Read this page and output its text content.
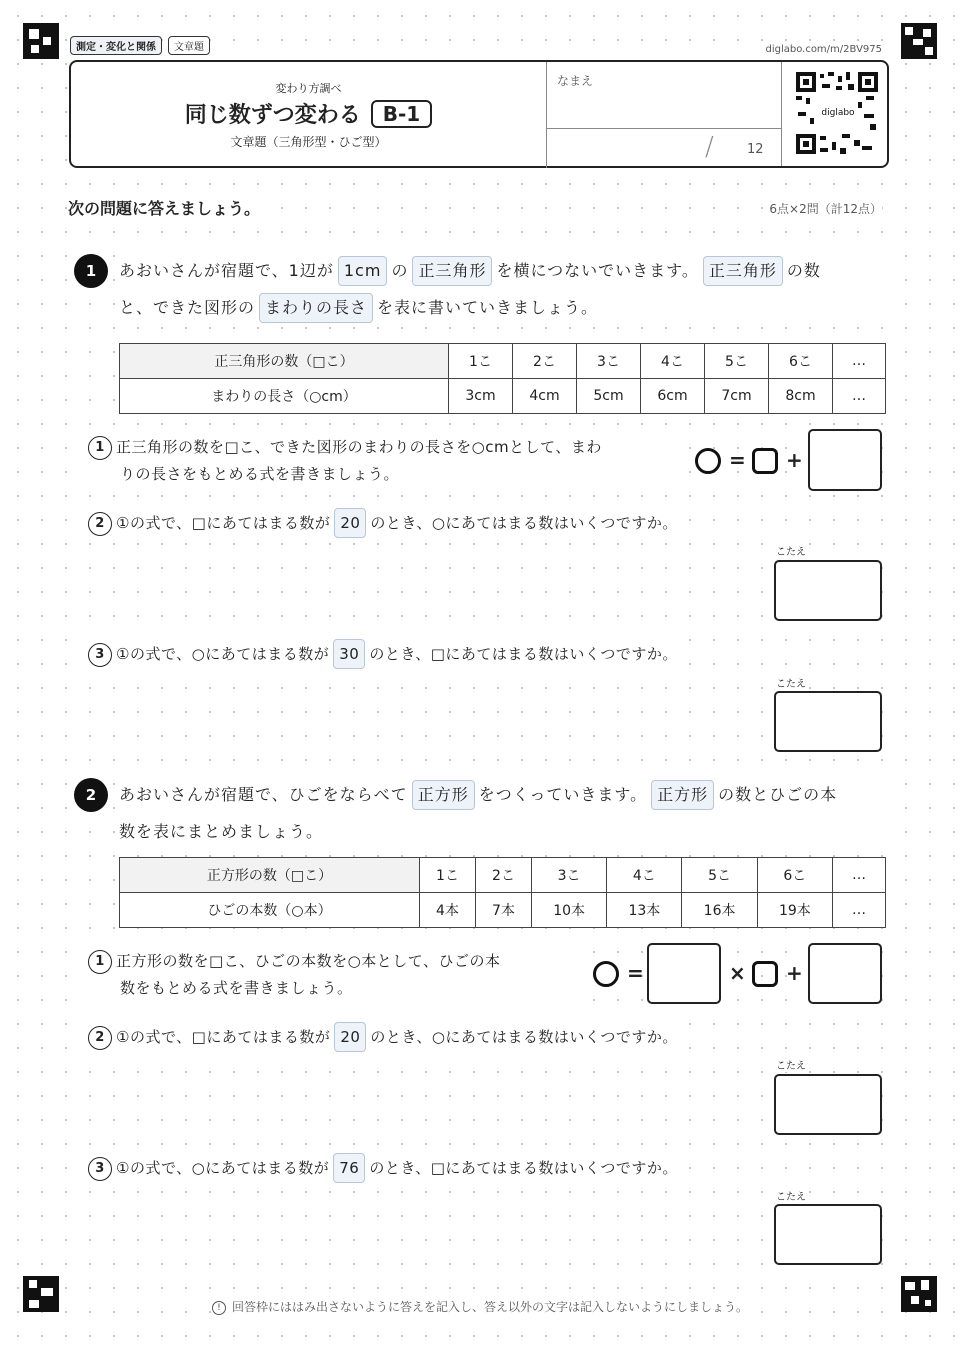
測定・変化と関係	文章題	diglabo.com/m/2BV975
変わり方調べ
同じ数ずつ変わる	B-1
文章題（三角形型・ひご型）
なまえ
/	12
diglabo
次の問題に答えましょう。	6点×2問（計12点）
1	あおいさんが宿題で、1辺が 1cm の 正三角形 を横につないでいきます。 正三角形 の数
と、できた図形の まわりの長さ を表に書いていきましょう。
正三角形の数（□こ）	1こ	2こ	3こ	4こ	5こ	6こ	…
まわりの長さ（○cm）	3cm	4cm	5cm	6cm	7cm	8cm	…
1 正三角形の数を□こ、できた図形のまわりの長さを○cmとして、まわ
りの長さをもとめる式を書きましょう。
= +
2 ①の式で、□にあてはまる数が 20 のとき、○にあてはまる数はいくつですか。
こたえ
3 ①の式で、○にあてはまる数が 30 のとき、□にあてはまる数はいくつですか。
こたえ
2	あおいさんが宿題で、ひごをならべて 正方形 をつくっていきます。 正方形 の数とひごの本
数を表にまとめましょう。
正方形の数（□こ）	1こ	2こ	3こ	4こ	5こ	6こ	…
ひごの本数（○本）	4本	7本	10本	13本	16本	19本	…
1 正方形の数を□こ、ひごの本数を○本として、ひごの本
数をもとめる式を書きましょう。
=	× +
2 ①の式で、□にあてはまる数が 20 のとき、○にあてはまる数はいくつですか。
こたえ
3 ①の式で、○にあてはまる数が 76 のとき、□にあてはまる数はいくつですか。
こたえ
! 回答枠にははみ出さないように答えを記入し、答え以外の文字は記入しないようにしましょう。
